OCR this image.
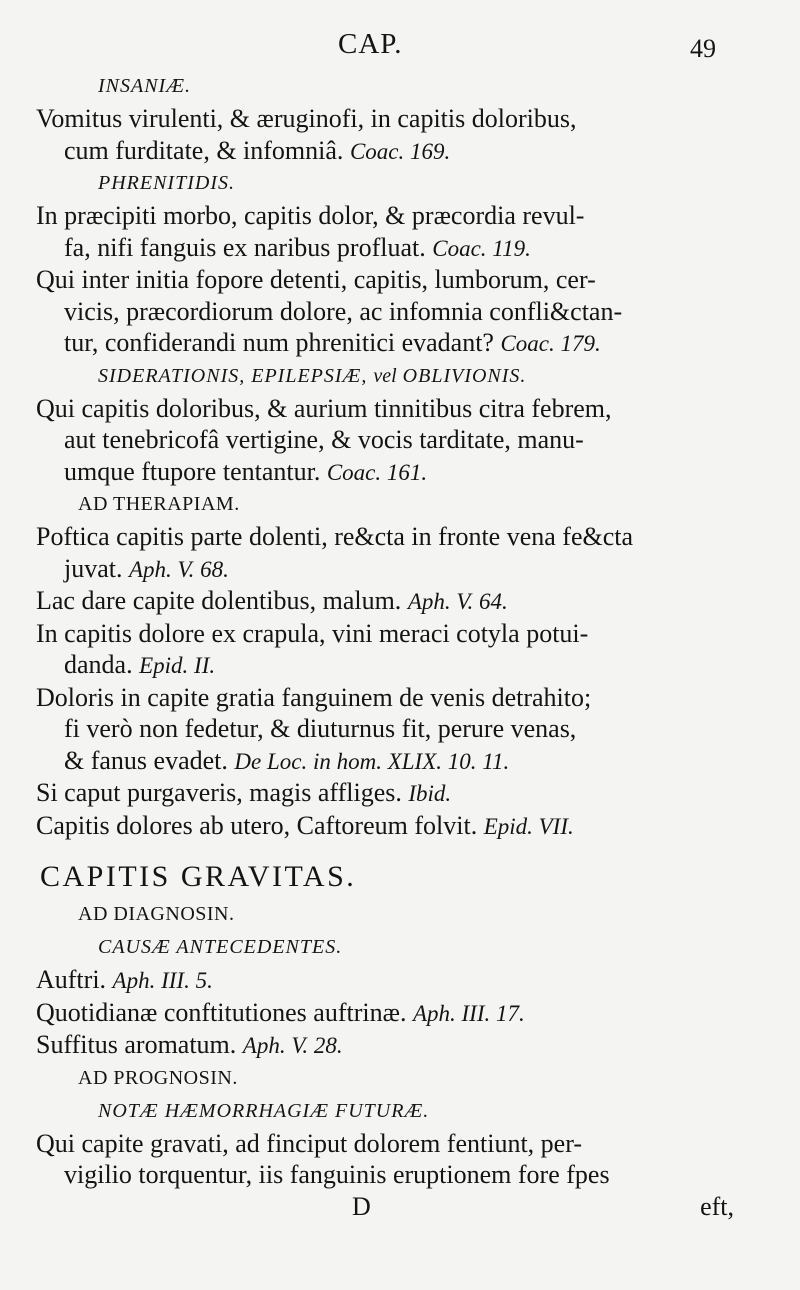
CAP.	49
INSANIÆ.
Vomitus virulenti, & æruginofi, in capitis doloribus,
cum furditate, & infomniâ. Coac. 169.
PHRENITIDIS.
In præcipiti morbo, capitis dolor, & præcordia revul-
fa, nifi fanguis ex naribus profluat. Coac. 119.
Qui inter initia fopore detenti, capitis, lumborum, cer-
vicis, præcordiorum dolore, ac infomnia confli&ctan-
tur, confiderandi num phrenitici evadant? Coac. 179.
SIDERATIONIS, EPILEPSIÆ, vel OBLIVIONIS.
Qui capitis doloribus, & aurium tinnitibus citra febrem,
aut tenebricofâ vertigine, & vocis tarditate, manu-
umque ftupore tentantur. Coac. 161.
AD THERAPIAM.
Poftica capitis parte dolenti, re&cta in fronte vena fe&cta
juvat. Aph. V. 68.
Lac dare capite dolentibus, malum. Aph. V. 64.
In capitis dolore ex crapula, vini meraci cotyla potui-
danda. Epid. II.
Doloris in capite gratia fanguinem de venis detrahito;
fi verò non fedetur, & diuturnus fit, perure venas,
& fanus evadet. De Loc. in hom. XLIX. 10. 11.
Si caput purgaveris, magis affliges. Ibid.
Capitis dolores ab utero, Caftoreum folvit. Epid. VII.
CAPITIS GRAVITAS.
AD DIAGNOSIN.
CAUSÆ ANTECEDENTES.
Auftri. Aph. III. 5.
Quotidianæ conftitutiones auftrinæ. Aph. III. 17.
Suffitus aromatum. Aph. V. 28.
AD PROGNOSIN.
NOTÆ HÆMORRHAGIÆ FUTURÆ.
Qui capite gravati, ad finciput dolorem fentiunt, per-
vigilio torquentur, iis fanguinis eruptionem fore fpes
D	eft,
